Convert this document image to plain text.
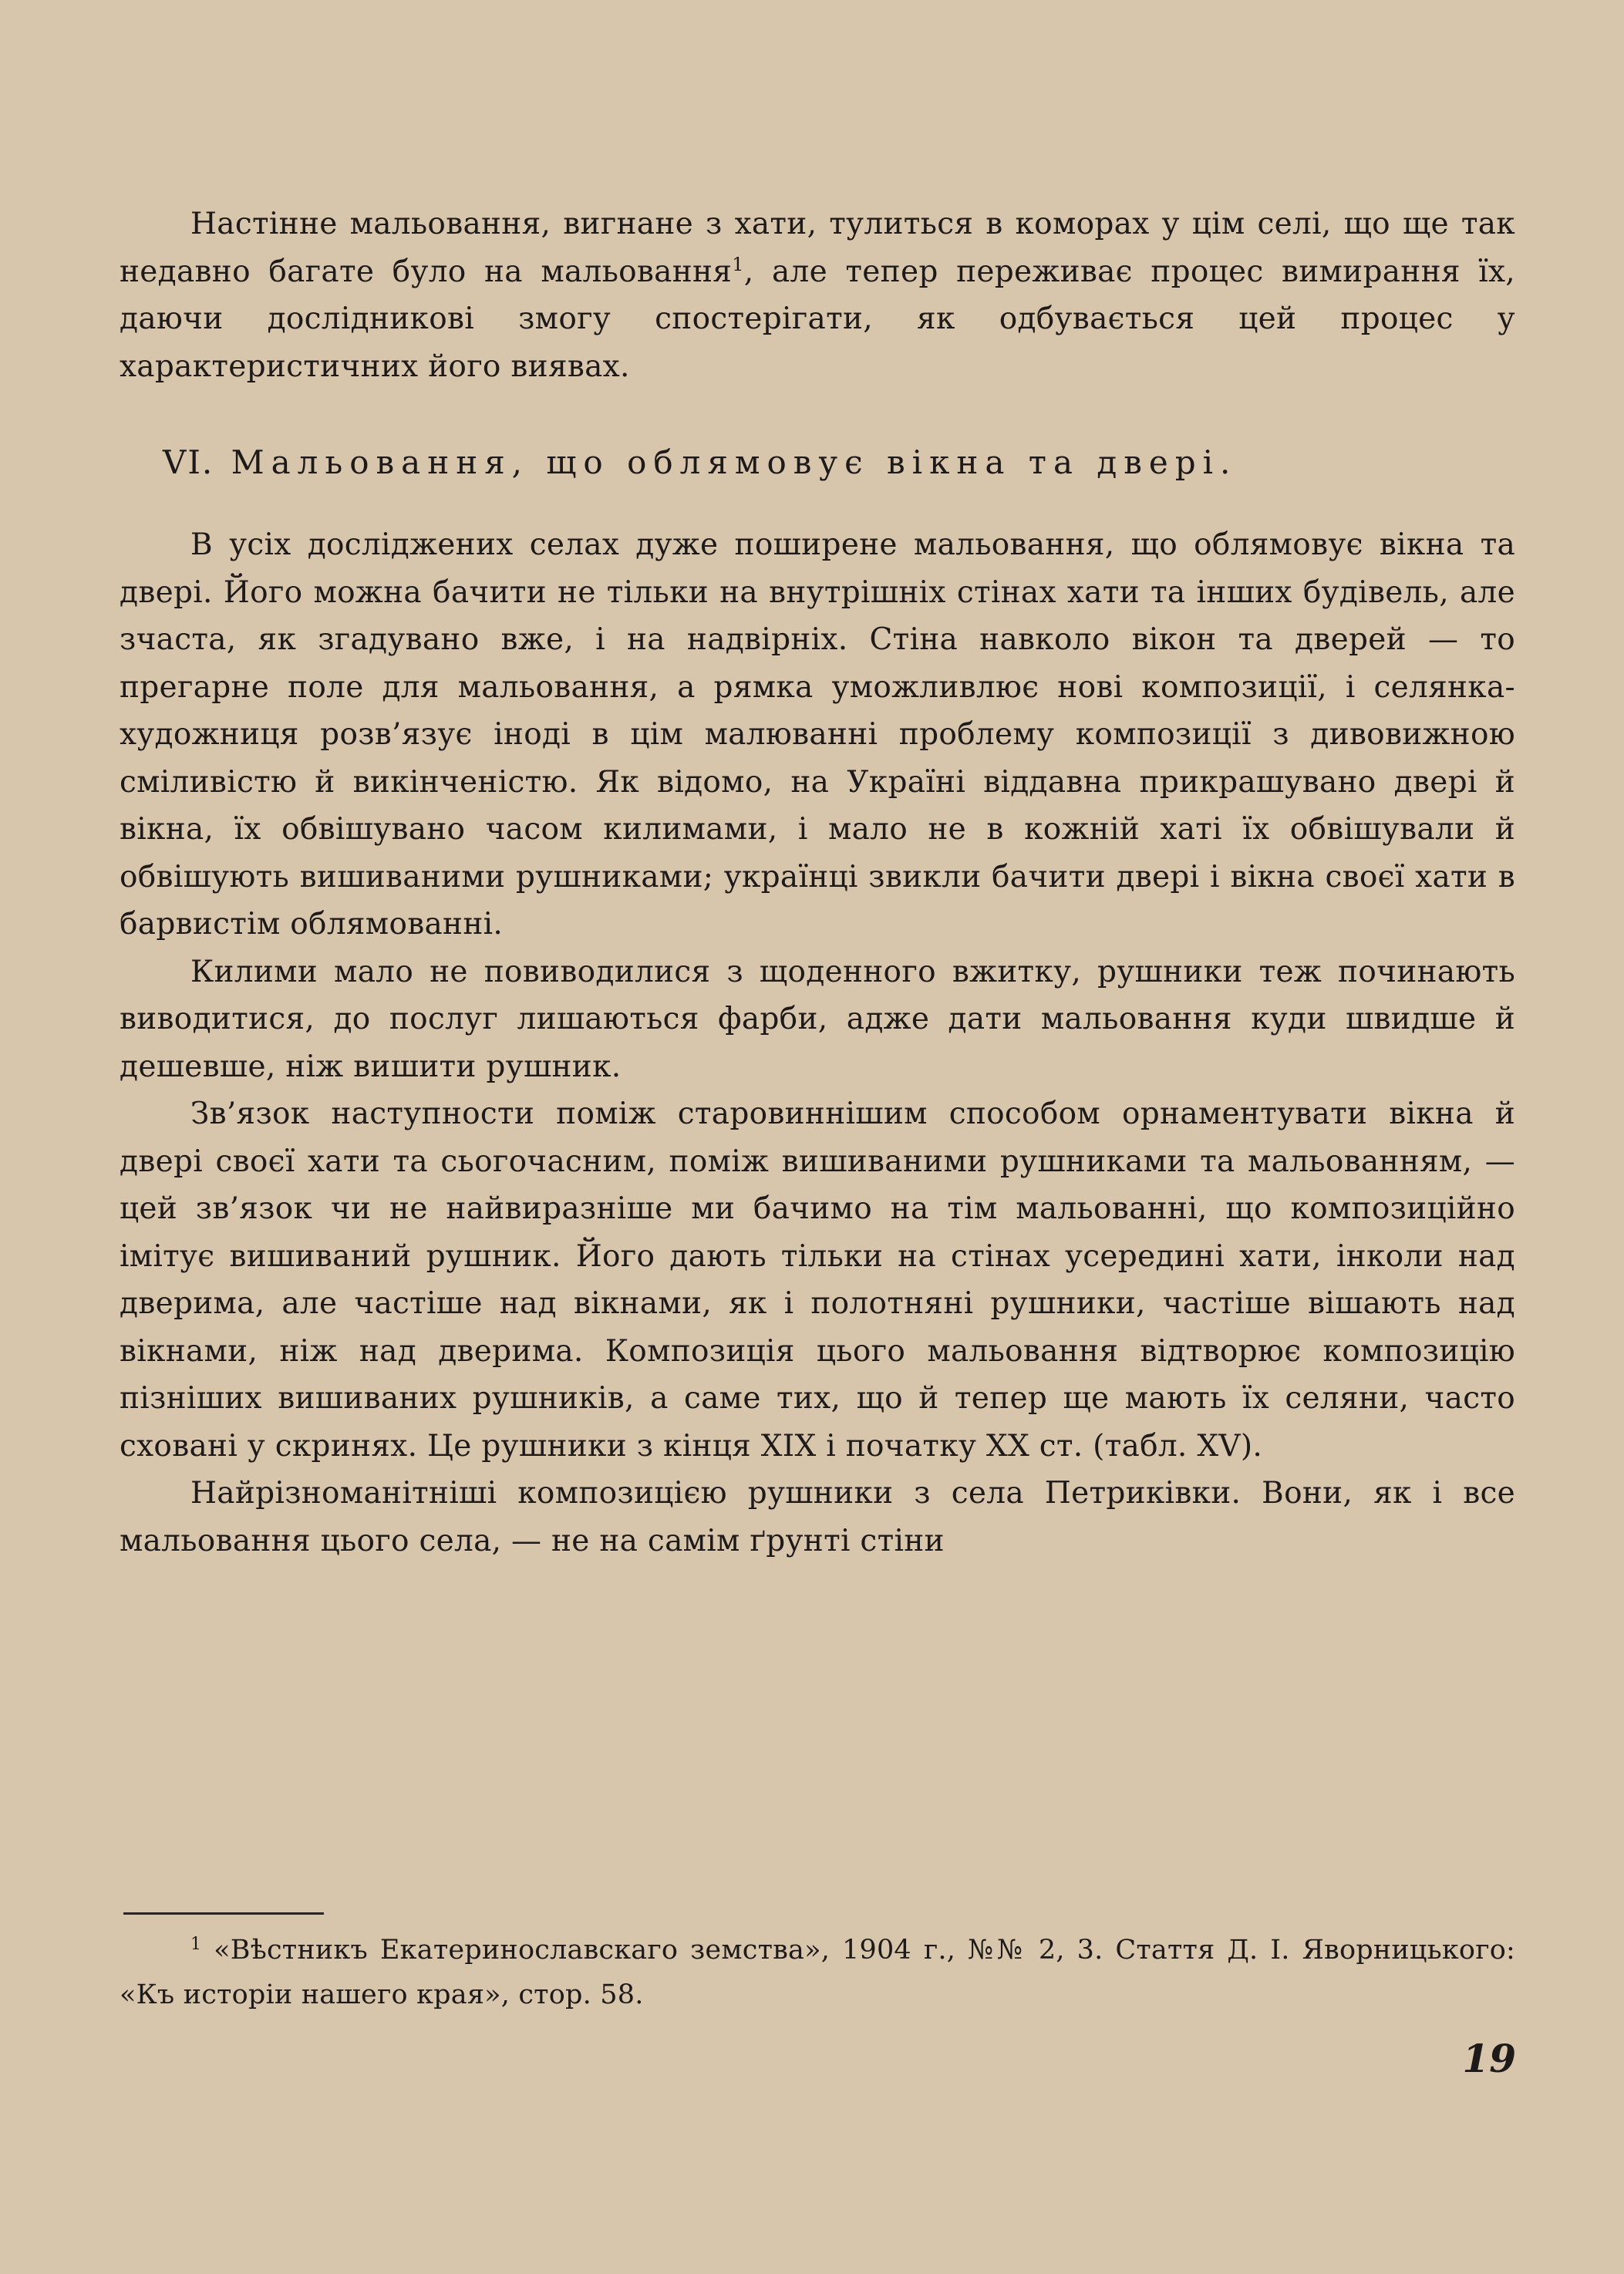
Настінне мальовання, вигнане з хати, тулиться в коморах у цім селі, що ще так недавно багате було на мальовання$^1$, але тепер переживає процес вимирання їх, даючи дослідникові змогу спостерігати, як одбувається цей процес у характеристичних його виявах.

VI. Мальовання, що облямовує вікна та двері.

В усіх досліджених селах дуже поширене мальовання, що облямовує вікна та двері. Його можна бачити не тільки на внутрішніх стінах хати та інших будівель, але зчаста, як згадувано вже, і на надвірніх. Стіна навколо вікон та дверей — то прегарне поле для мальовання, а рямка уможливлює нові композиції, і селянка-художниця розв’язує іноді в цім малюванні проблему композиції з дивовижною сміливістю й викінченістю. Як відомо, на Україні віддавна прикрашувано двері й вікна, їх обвішувано часом килимами, і мало не в кожній хаті їх обвішували й обвішують вишиваними рушниками; українці звикли бачити двері і вікна своєї хати в барвистім облямованні.

Килими мало не повиводилися з щоденного вжитку, рушники теж починають виводитися, до послуг лишаються фарби, адже дати мальовання куди швидше й дешевше, ніж вишити рушник.

Зв’язок наступности поміж старовиннішим способом орнаментувати вікна й двері своєї хати та сьогочасним, поміж вишиваними рушниками та мальованням, — цей зв’язок чи не найвиразніше ми бачимо на тім мальованні, що композиційно імітує вишиваний рушник. Його дають тільки на стінах усередині хати, інколи над дверима, але частіше над вікнами, як і полотняні рушники, частіше вішають над вікнами, ніж над дверима. Композиція цього мальовання відтворює композицію пізніших вишиваних рушників, а саме тих, що й тепер ще мають їх селяни, часто сховані у скринях. Це рушники з кінця XIX і початку XX ст. (табл. XV).

Найрізноманітніші композицією рушники з села Петриківки. Вони, як і все мальовання цього села, — не на самім ґрунті стіни

$^1$ «Вѣстникъ Екатеринославскаго земства», 1904 г., №№ 2, 3. Стаття Д. І. Яворницького: «Къ исторіи нашего края», стор. 58.

19
